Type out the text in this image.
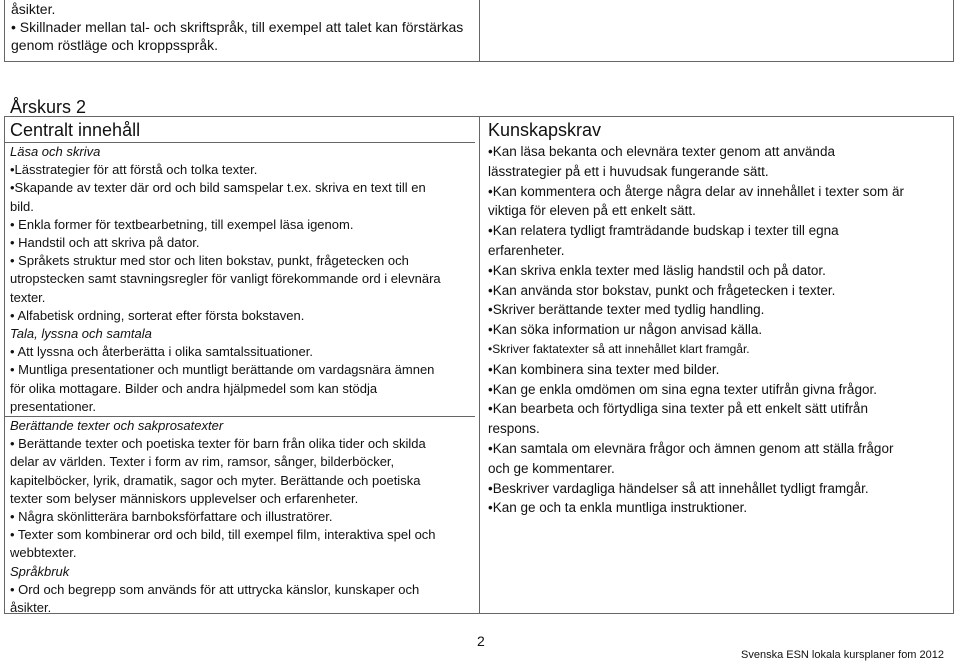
åsikter.
• Skillnader mellan tal- och skriftspråk, till exempel att talet kan förstärkas
genom röstläge och kroppsspråk.
Årskurs 2
Centralt innehåll
Läsa och skriva
•Lässtrategier för att förstå och tolka texter.
•Skapande av texter där ord och bild samspelar t.ex. skriva en text till en
bild.
• Enkla former för textbearbetning, till exempel läsa igenom.
• Handstil och att skriva på dator.
• Språkets struktur med stor och liten bokstav, punkt, frågetecken och
utropstecken samt stavningsregler för vanligt förekommande ord i elevnära
texter.
• Alfabetisk ordning, sorterat efter första bokstaven.
Tala, lyssna och samtala
• Att lyssna och återberätta i olika samtalssituationer.
• Muntliga presentationer och muntligt berättande om vardagsnära ämnen
för olika mottagare. Bilder och andra hjälpmedel som kan stödja
presentationer.
Berättande texter och sakprosatexter
• Berättande texter och poetiska texter för barn från olika tider och skilda
delar av världen. Texter i form av rim, ramsor, sånger, bilderböcker,
kapitelböcker, lyrik, dramatik, sagor och myter. Berättande och poetiska
texter som belyser människors upplevelser och erfarenheter.
• Några skönlitterära barnboksförfattare och illustratörer.
• Texter som kombinerar ord och bild, till exempel film, interaktiva spel och
webbtexter.
Språkbruk
• Ord och begrepp som används för att uttrycka känslor, kunskaper och
åsikter.
Kunskapskrav
•Kan läsa bekanta och elevnära texter genom att använda
lässtrategier på ett i huvudsak fungerande sätt.
•Kan kommentera och återge några delar av innehållet i texter som är
viktiga för eleven på ett enkelt sätt.
•Kan relatera tydligt framträdande budskap i texter till egna
erfarenheter.
•Kan skriva enkla texter med läslig handstil och på dator.
•Kan använda stor bokstav, punkt och frågetecken i texter.
•Skriver berättande texter med tydlig handling.
•Kan söka information ur någon anvisad källa.
•Skriver faktatexter så att innehållet klart framgår.
•Kan kombinera sina texter med bilder.
•Kan ge enkla omdömen om sina egna texter utifrån givna frågor.
•Kan bearbeta och förtydliga sina texter på ett enkelt sätt utifrån
respons.
•Kan samtala om elevnära frågor och ämnen genom att ställa frågor
och ge kommentarer.
•Beskriver vardagliga händelser så att innehållet tydligt framgår.
•Kan ge och ta enkla muntliga instruktioner.
2
Svenska ESN lokala kursplaner fom 2012
